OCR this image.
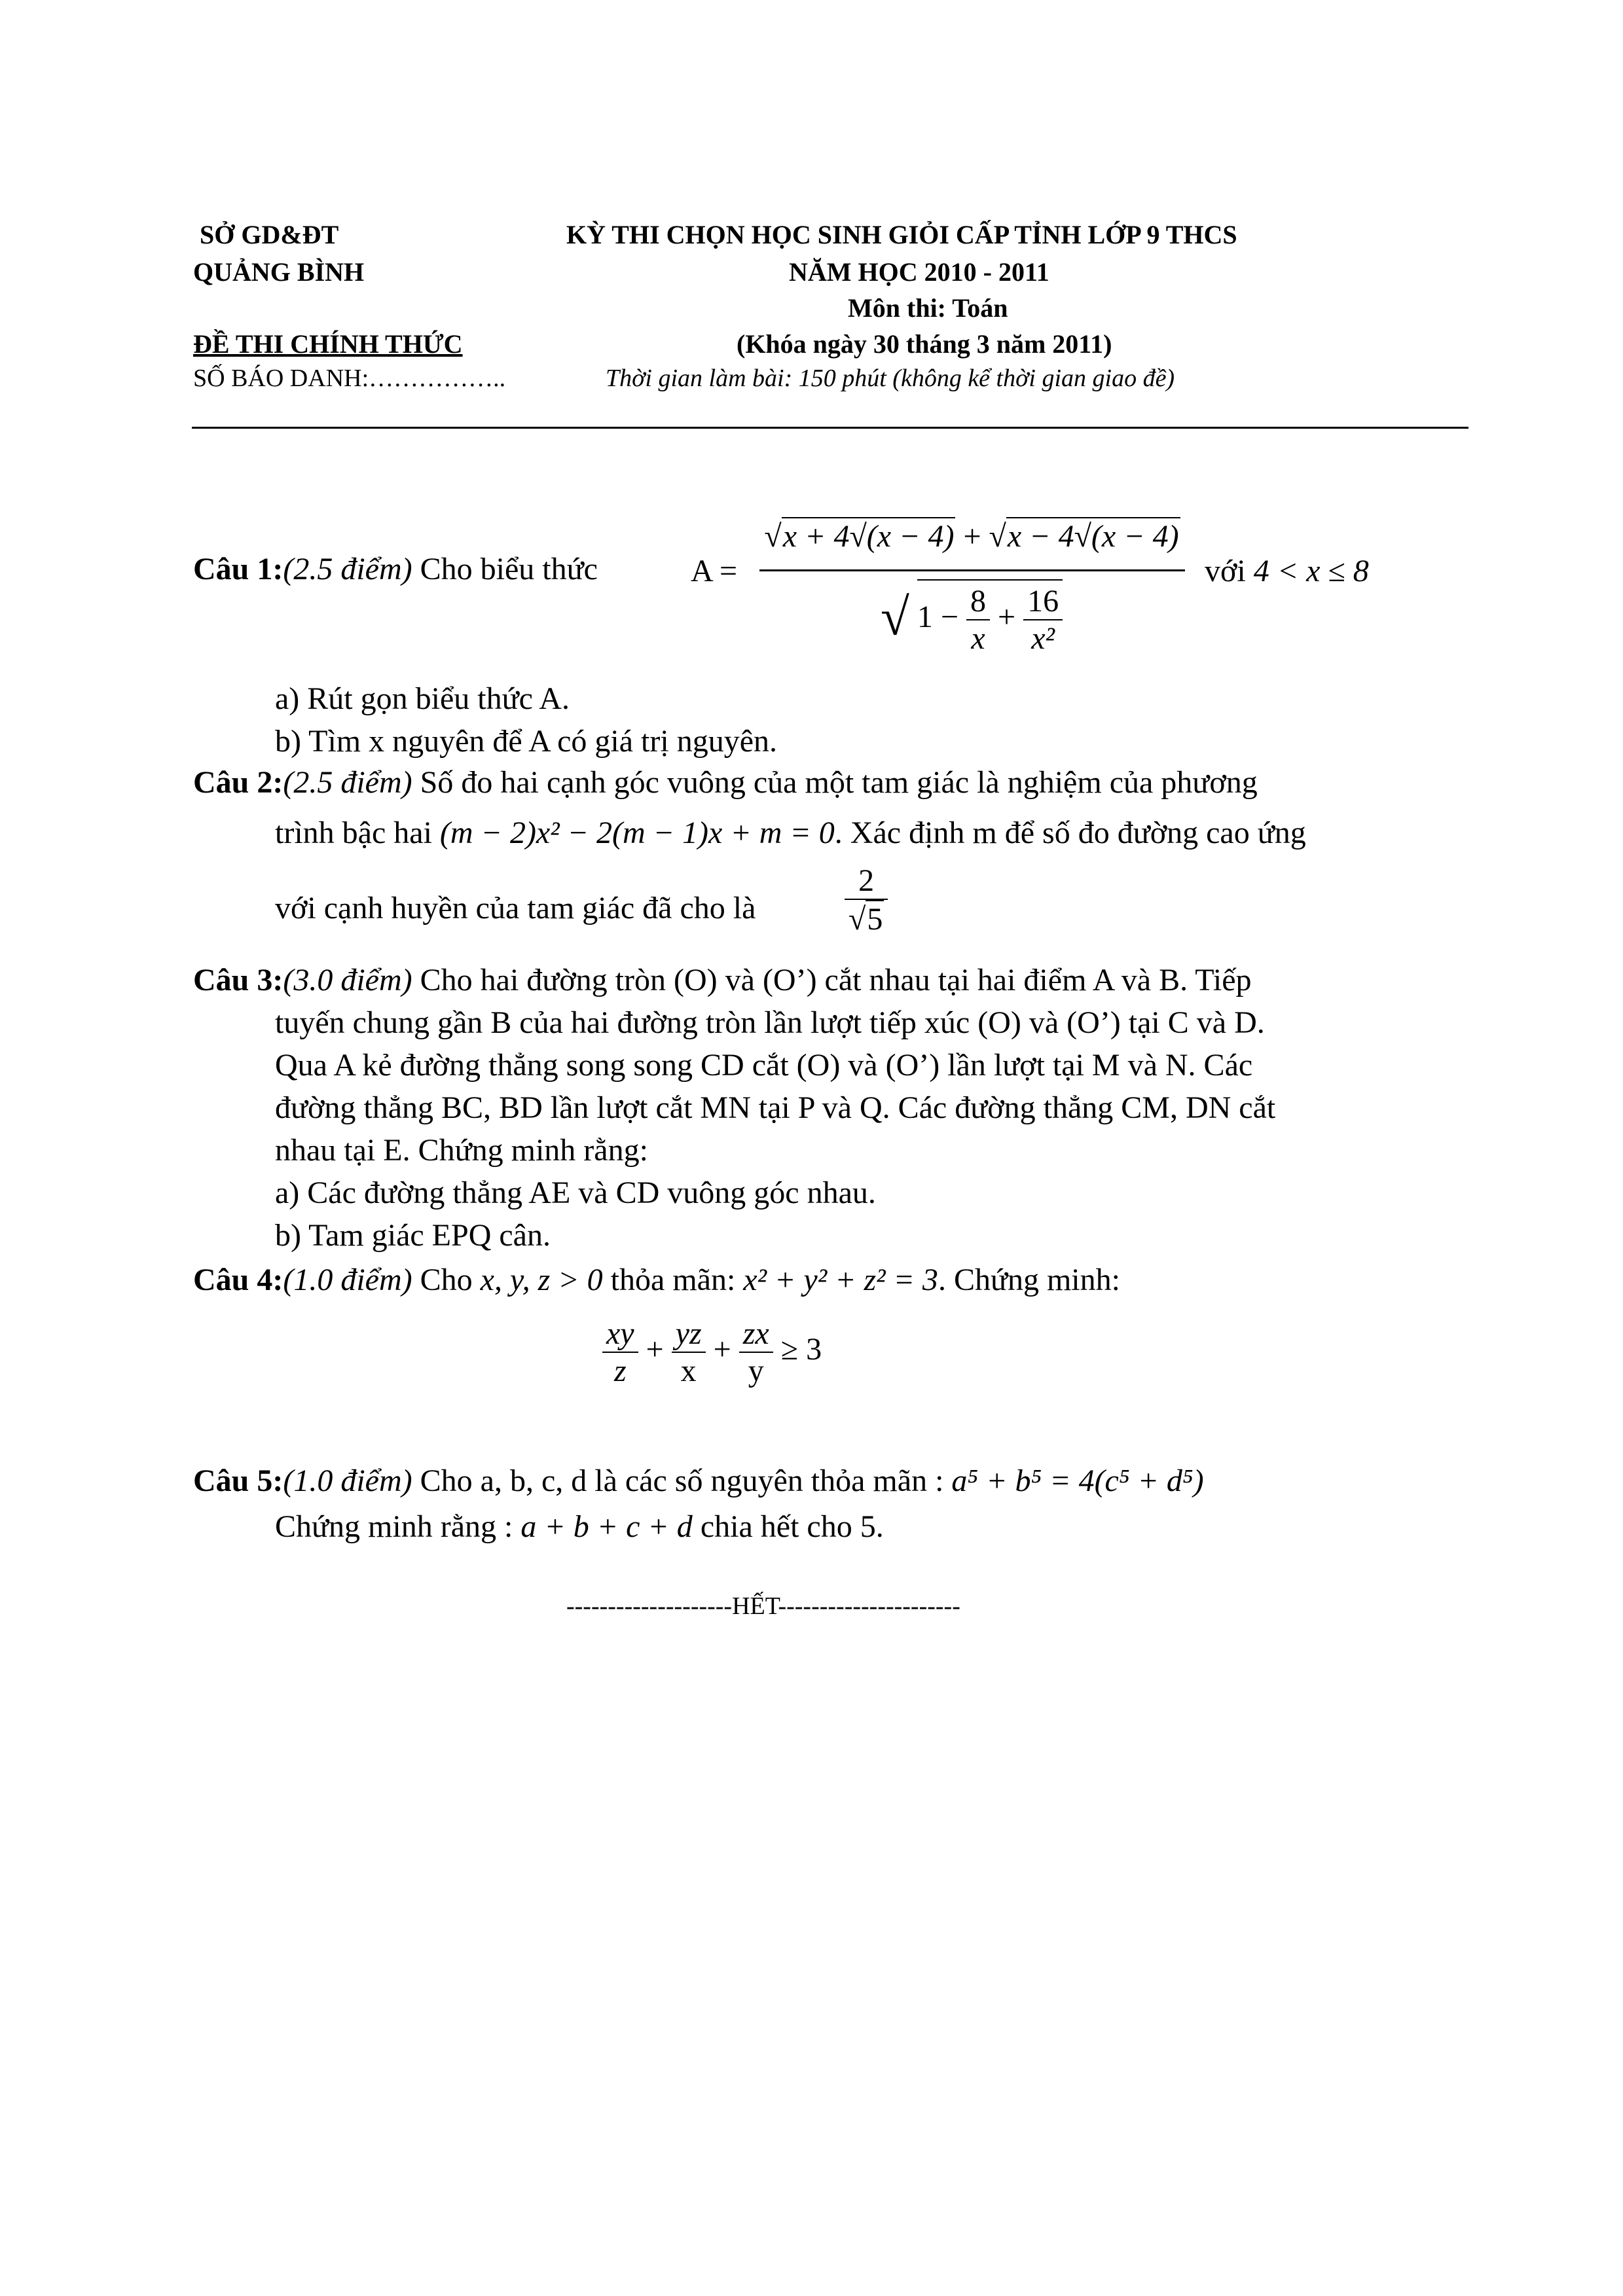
SỞ GD&ĐT
QUẢNG BÌNH
ĐỀ THI CHÍNH THỨC
SỐ BÁO DANH:……………..
KỲ THI CHỌN HỌC SINH GIỎI CẤP TỈNH LỚP 9 THCS
NĂM HỌC 2010 - 2011
Môn thi: Toán
(Khóa ngày 30 tháng 3 năm 2011)
Thời gian làm bài: 150 phút (không kể thời gian giao đề)
Câu 1:(2.5 điểm) Cho biểu thức	A =
√x + 4√(x − 4) + √x − 4√(x − 4)
√ $1 - \frac{8}{x} + \frac{16}{\text{x²}}$
với 4 < x ≤ 8
a) Rút gọn biểu thức A.
b) Tìm x nguyên để A có giá trị nguyên.
Câu 2:(2.5 điểm) Số đo hai cạnh góc vuông của một tam giác là nghiệm của phương
trình bậc hai (m − 2)x² − 2(m − 1)x + m = 0. Xác định m để số đo đường cao ứng
với cạnh huyền của tam giác đã cho là	$\frac{2}{√5}$
Câu 3:(3.0 điểm) Cho hai đường tròn (O) và (O’) cắt nhau tại hai điểm A và B. Tiếp
tuyến chung gần B của hai đường tròn lần lượt tiếp xúc (O) và (O’) tại C và D.
Qua A kẻ đường thẳng song song CD cắt (O) và (O’) lần lượt tại M và N. Các
đường thẳng BC, BD lần lượt cắt MN tại P và Q. Các đường thẳng CM, DN cắt
nhau tại E. Chứng minh rằng:
a) Các đường thẳng AE và CD vuông góc nhau.
b) Tam giác EPQ cân.
Câu 4:(1.0 điểm) Cho x, y, z > 0 thỏa mãn: x² + y² + z² = 3. Chứng minh:
$\frac{xy}{z} + \frac{yz}{x} + \frac{zx}{y} \ge 3$
Câu 5:(1.0 điểm) Cho a, b, c, d là các số nguyên thỏa mãn : a⁵ + b⁵ = 4(c⁵ + d⁵)
Chứng minh rằng : a + b + c + d chia hết cho 5.
--------------------HẾT----------------------
